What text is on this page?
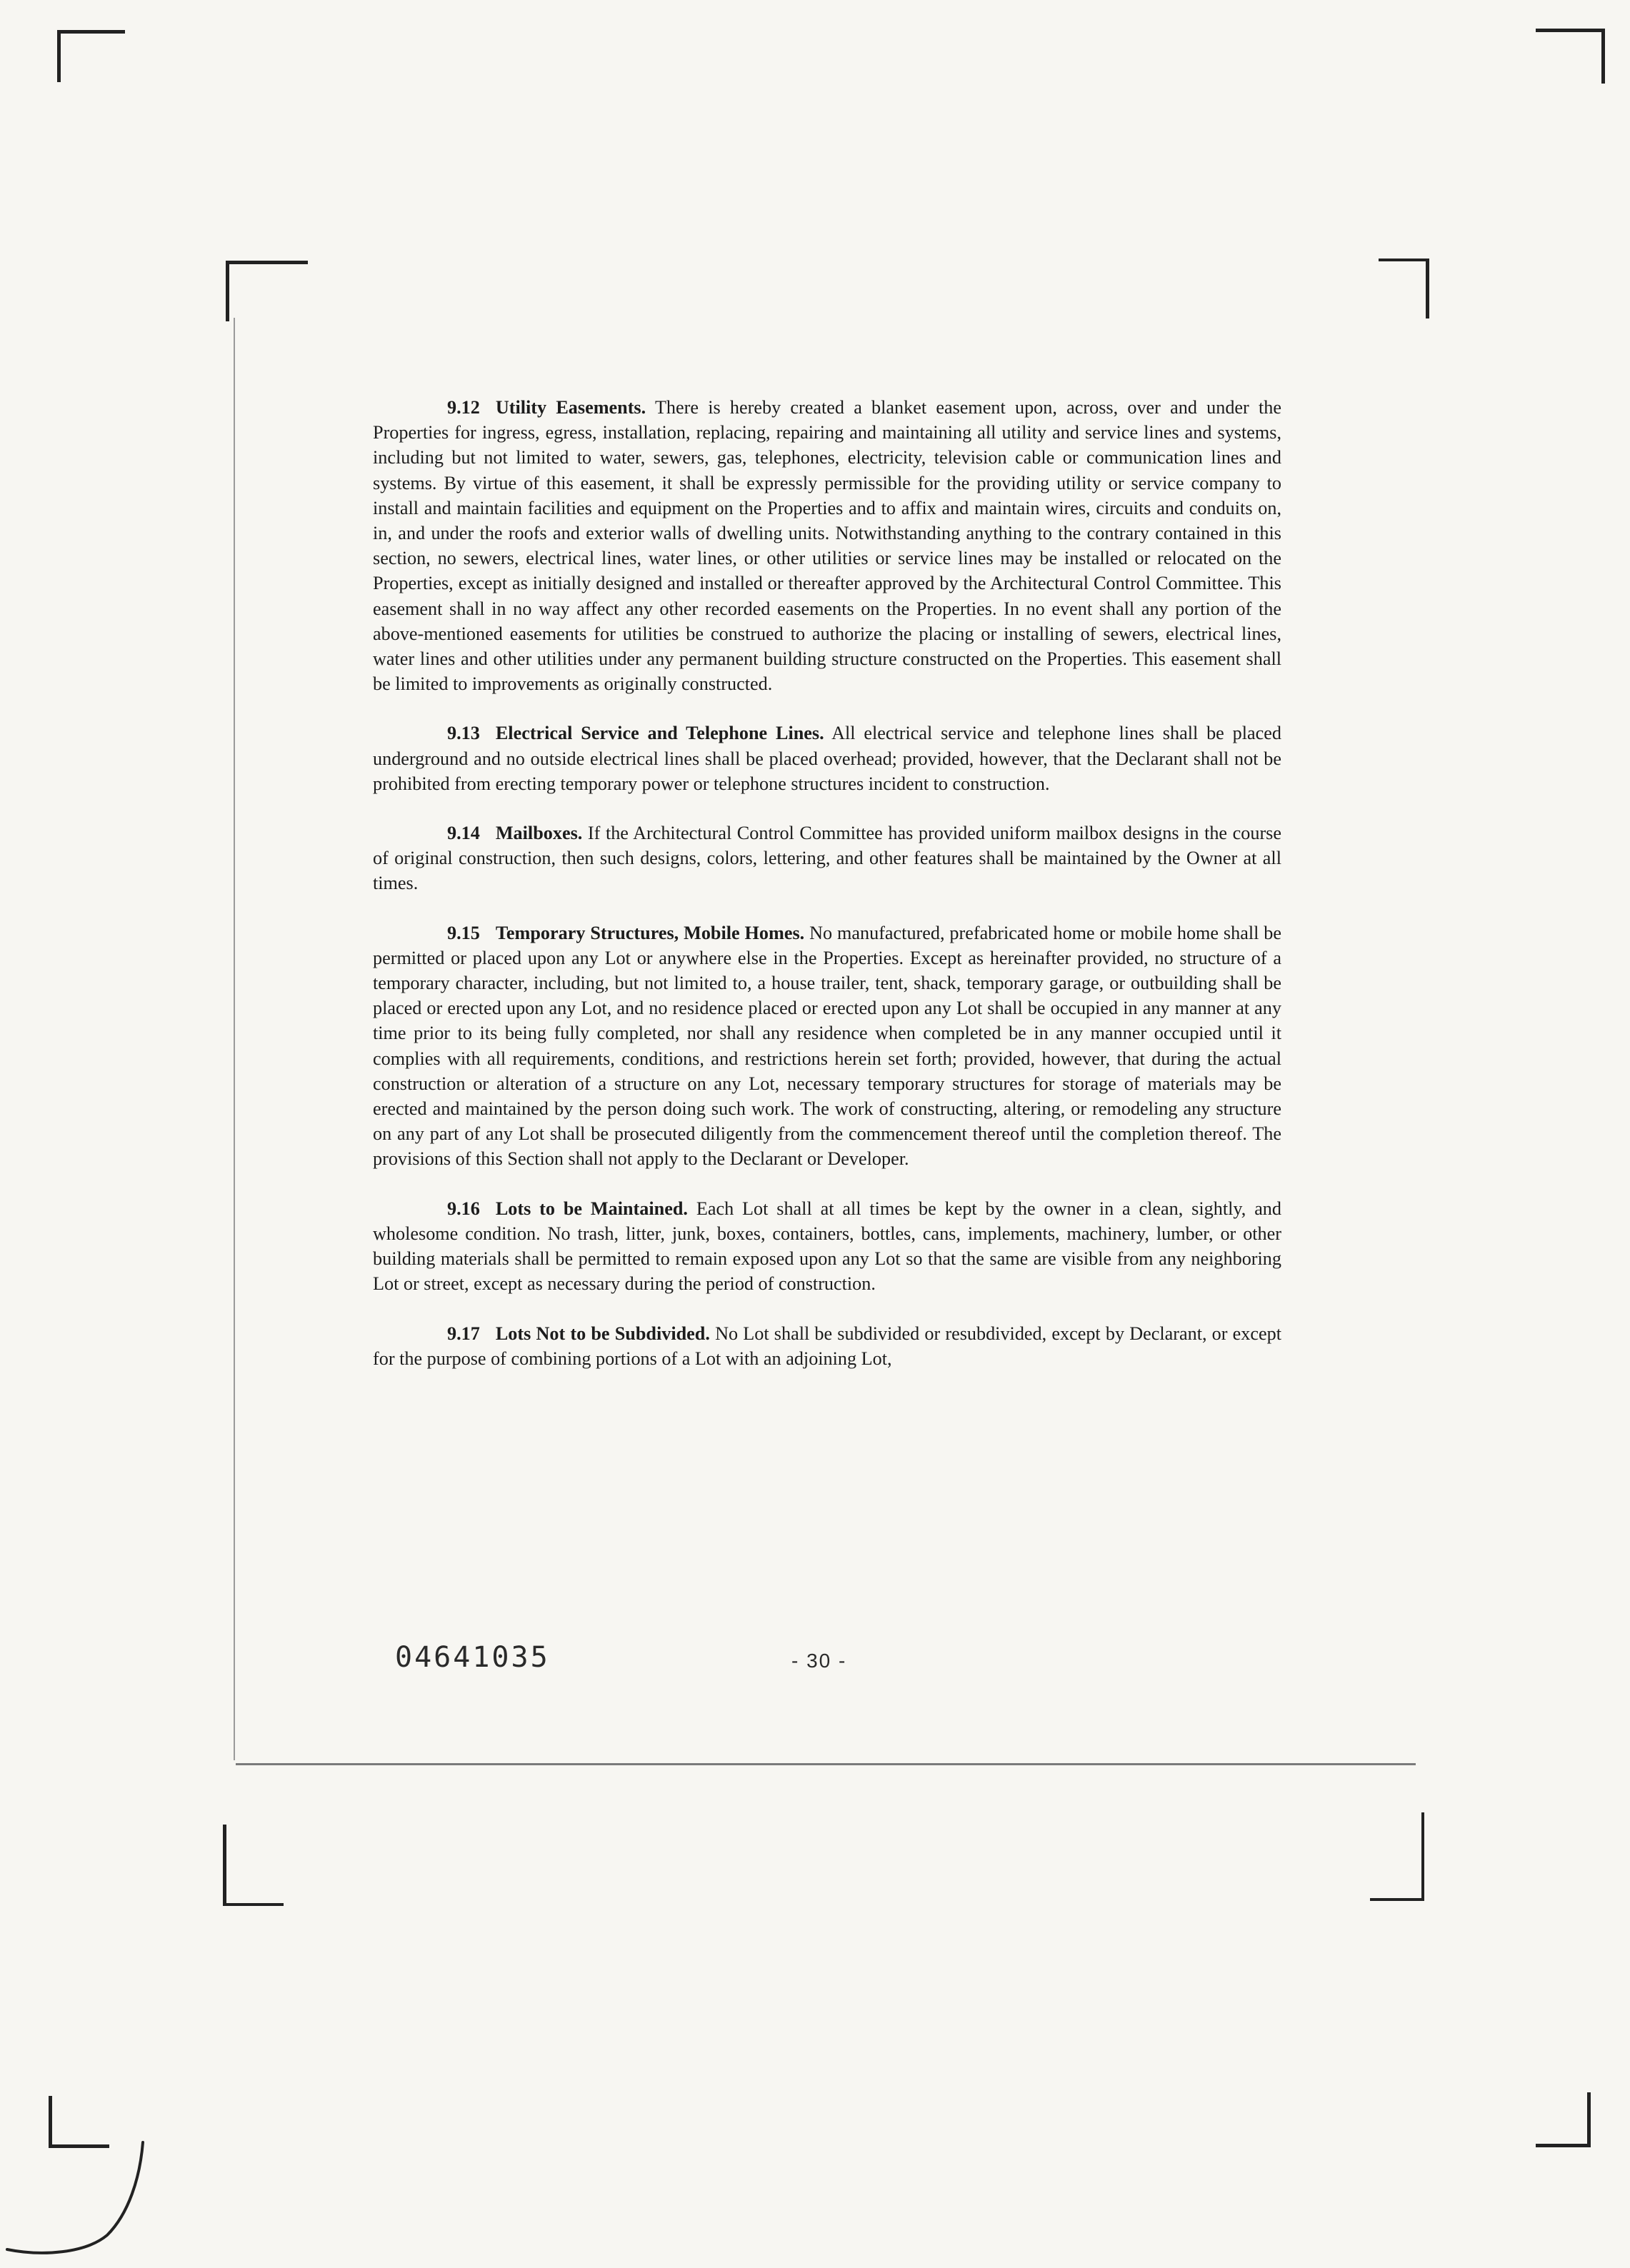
9.12 Utility Easements. There is hereby created a blanket easement upon, across, over and under the Properties for ingress, egress, installation, replacing, repairing and maintaining all utility and service lines and systems, including but not limited to water, sewers, gas, telephones, electricity, television cable or communication lines and systems. By virtue of this easement, it shall be expressly permissible for the providing utility or service company to install and maintain facilities and equipment on the Properties and to affix and maintain wires, circuits and conduits on, in, and under the roofs and exterior walls of dwelling units. Notwithstanding anything to the contrary contained in this section, no sewers, electrical lines, water lines, or other utilities or service lines may be installed or relocated on the Properties, except as initially designed and installed or thereafter approved by the Architectural Control Committee. This easement shall in no way affect any other recorded easements on the Properties. In no event shall any portion of the above-mentioned easements for utilities be construed to authorize the placing or installing of sewers, electrical lines, water lines and other utilities under any permanent building structure constructed on the Properties. This easement shall be limited to improvements as originally constructed.

9.13 Electrical Service and Telephone Lines. All electrical service and telephone lines shall be placed underground and no outside electrical lines shall be placed overhead; provided, however, that the Declarant shall not be prohibited from erecting temporary power or telephone structures incident to construction.

9.14 Mailboxes. If the Architectural Control Committee has provided uniform mailbox designs in the course of original construction, then such designs, colors, lettering, and other features shall be maintained by the Owner at all times.

9.15 Temporary Structures, Mobile Homes. No manufactured, prefabricated home or mobile home shall be permitted or placed upon any Lot or anywhere else in the Properties. Except as hereinafter provided, no structure of a temporary character, including, but not limited to, a house trailer, tent, shack, temporary garage, or outbuilding shall be placed or erected upon any Lot, and no residence placed or erected upon any Lot shall be occupied in any manner at any time prior to its being fully completed, nor shall any residence when completed be in any manner occupied until it complies with all requirements, conditions, and restrictions herein set forth; provided, however, that during the actual construction or alteration of a structure on any Lot, necessary temporary structures for storage of materials may be erected and maintained by the person doing such work. The work of constructing, altering, or remodeling any structure on any part of any Lot shall be prosecuted diligently from the commencement thereof until the completion thereof. The provisions of this Section shall not apply to the Declarant or Developer.

9.16 Lots to be Maintained. Each Lot shall at all times be kept by the owner in a clean, sightly, and wholesome condition. No trash, litter, junk, boxes, containers, bottles, cans, implements, machinery, lumber, or other building materials shall be permitted to remain exposed upon any Lot so that the same are visible from any neighboring Lot or street, except as necessary during the period of construction.

9.17 Lots Not to be Subdivided. No Lot shall be subdivided or resubdivided, except by Declarant, or except for the purpose of combining portions of a Lot with an adjoining Lot,

04641035	- 30 -
